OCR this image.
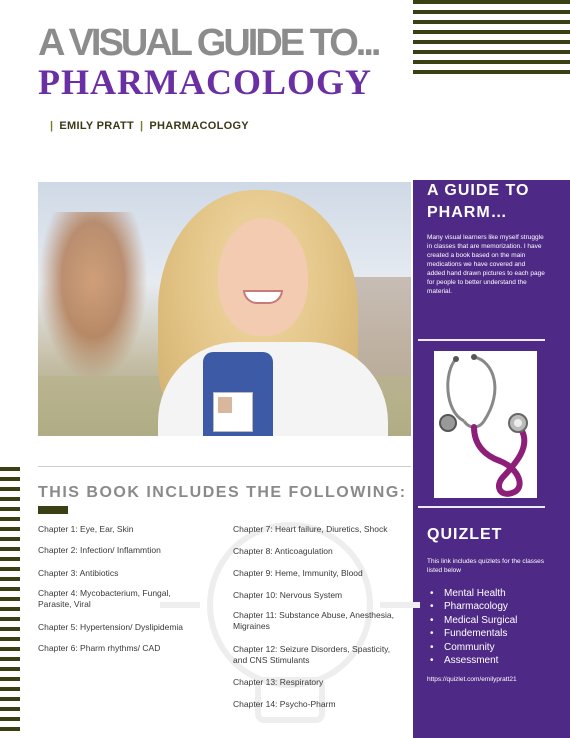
A VISUAL GUIDE TO...
PHARMACOLOGY
| EMILY PRATT | PHARMACOLOGY
A GUIDE TO PHARM…
Many visual learners like myself struggle in classes that are memorization. I have created a book based on the main medications we have covered and added hand drawn pictures to each page for people to better understand the material.
QUIZLET
This link includes quizlets for the classes listed below
• Mental Health
• Pharmacology
• Medical Surgical
• Fundementals
• Community
• Assessment
https://quizlet.com/emilypratt21
THIS BOOK INCLUDES THE FOLLOWING:
Chapter 1: Eye, Ear, Skin
Chapter 2: Infection/ Inflammtion
Chapter 3: Antibiotics
Chapter 4: Mycobacterium, Fungal, Parasite, Viral
Chapter 5: Hypertension/ Dyslipidemia
Chapter 6: Pharm rhythms/ CAD
Chapter 7: Heart failure, Diuretics, Shock
Chapter 8: Anticoagulation
Chapter 9: Heme, Immunity, Blood
Chapter 10: Nervous System
Chapter 11: Substance Abuse, Anesthesia, Migraines
Chapter 12: Seizure Disorders, Spasticity, and CNS Stimulants
Chapter 13: Respiratory
Chapter 14: Psycho-Pharm
